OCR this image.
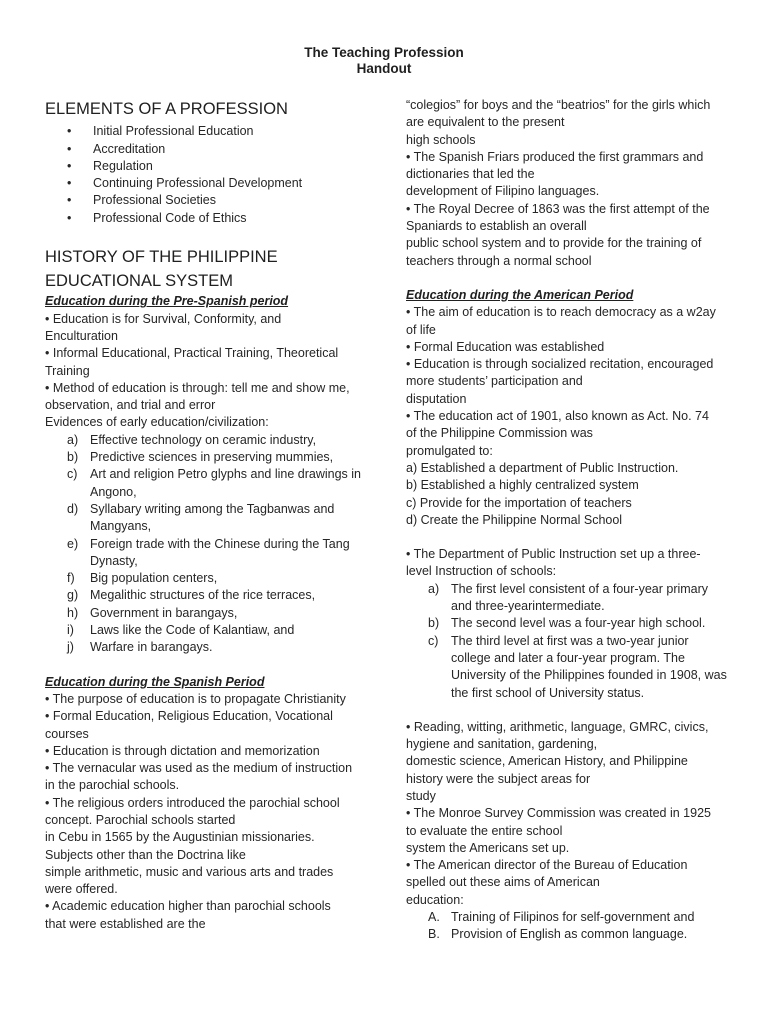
The Teaching Profession
Handout
ELEMENTS OF A PROFESSION
• Initial Professional Education
• Accreditation
• Regulation
• Continuing Professional Development
• Professional Societies
• Professional Code of Ethics
HISTORY OF THE PHILIPPINE
EDUCATIONAL SYSTEM
Education during the Pre-Spanish period
• Education is for Survival, Conformity, and
Enculturation
• Informal Educational, Practical Training, Theoretical
Training
• Method of education is through: tell me and show me,
observation, and trial and error
Evidences of early education/civilization:
a) Effective technology on ceramic industry,
b) Predictive sciences in preserving mummies,
c) Art and religion Petro glyphs and line drawings in Angono,
d) Syllabary writing among the Tagbanwas and Mangyans,
e) Foreign trade with the Chinese during the Tang Dynasty,
f) Big population centers,
g) Megalithic structures of the rice terraces,
h) Government in barangays,
i) Laws like the Code of Kalantiaw, and
j) Warfare in barangays.
Education during the Spanish Period
• The purpose of education is to propagate Christianity
• Formal Education, Religious Education, Vocational
courses
• Education is through dictation and memorization
• The vernacular was used as the medium of instruction
in the parochial schools.
• The religious orders introduced the parochial school
concept. Parochial schools started
in Cebu in 1565 by the Augustinian missionaries.
Subjects other than the Doctrina like
simple arithmetic, music and various arts and trades
were offered.
• Academic education higher than parochial schools
that were established are the
“colegios” for boys and the “beatrios” for the girls which
are equivalent to the present
high schools
• The Spanish Friars produced the first grammars and
dictionaries that led the
development of Filipino languages.
• The Royal Decree of 1863 was the first attempt of the
Spaniards to establish an overall
public school system and to provide for the training of
teachers through a normal school
Education during the American Period
• The aim of education is to reach democracy as a w2ay
of life
• Formal Education was established
• Education is through socialized recitation, encouraged
more students’ participation and
disputation
• The education act of 1901, also known as Act. No. 74
of the Philippine Commission was
promulgated to:
a) Established a department of Public Instruction.
b) Established a highly centralized system
c) Provide for the importation of teachers
d) Create the Philippine Normal School
• The Department of Public Instruction set up a three-
level Instruction of schools:
a) The first level consistent of a four-year primary and three-yearintermediate.
b) The second level was a four-year high school.
c) The third level at first was a two-year junior college and later a four-year program. The University of the Philippines founded in 1908, was the first school of University status.
• Reading, witting, arithmetic, language, GMRC, civics,
hygiene and sanitation, gardening,
domestic science, American History, and Philippine
history were the subject areas for
study
• The Monroe Survey Commission was created in 1925
to evaluate the entire school
system the Americans set up.
• The American director of the Bureau of Education
spelled out these aims of American
education:
A. Training of Filipinos for self-government and
B. Provision of English as common language.
